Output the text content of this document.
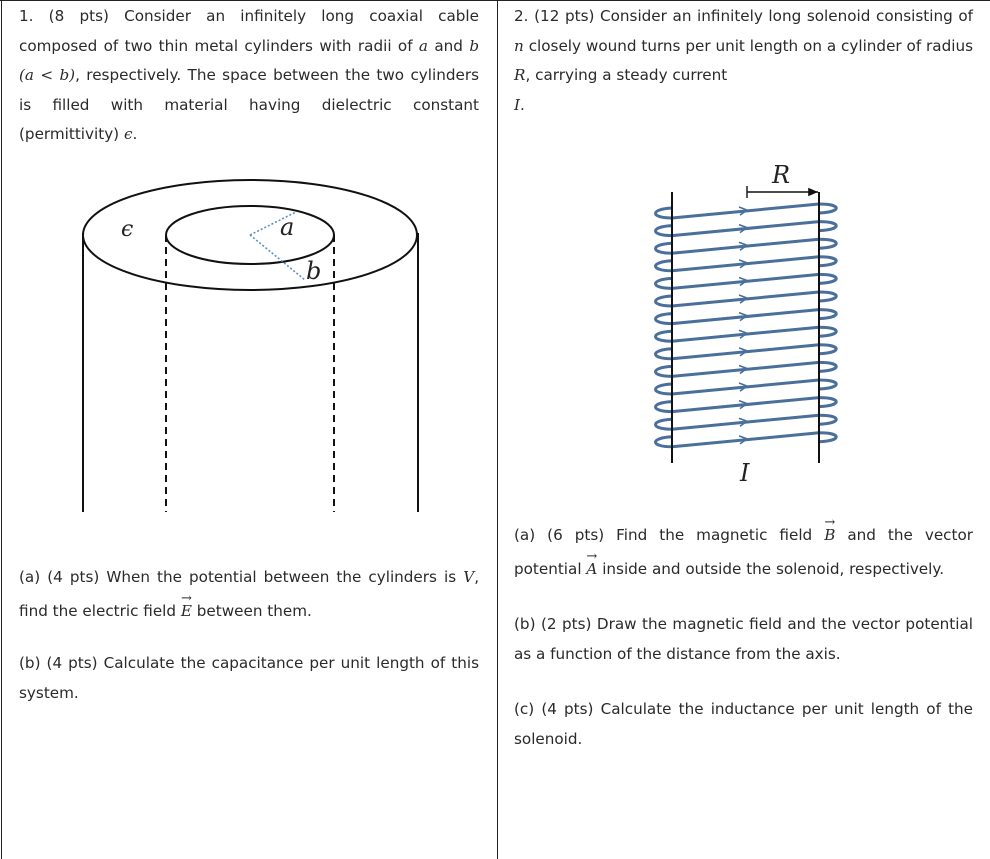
1. (8 pts) Consider an infinitely long coaxial cable composed of two thin metal cylinders with radii of a and b (a < b), respectively. The space between the two cylinders is filled with material having dielectric constant (permittivity) ϵ.

ϵ	a
b

(a) (4 pts) When the potential between the cylinders is V, find the electric field → E between them.

(b) (4 pts) Calculate the capacitance per unit length of this system.

2. (12 pts) Consider an infinitely long solenoid consisting of n closely wound turns per unit length on a cylinder of radius R, carrying a steady current
I.

R
I

(a) (6 pts) Find the magnetic field → B and the vector potential → A inside and outside the solenoid, respectively.

(b) (2 pts) Draw the magnetic field and the vector potential as a function of the distance from the axis.

(c) (4 pts) Calculate the inductance per unit length of the solenoid.
